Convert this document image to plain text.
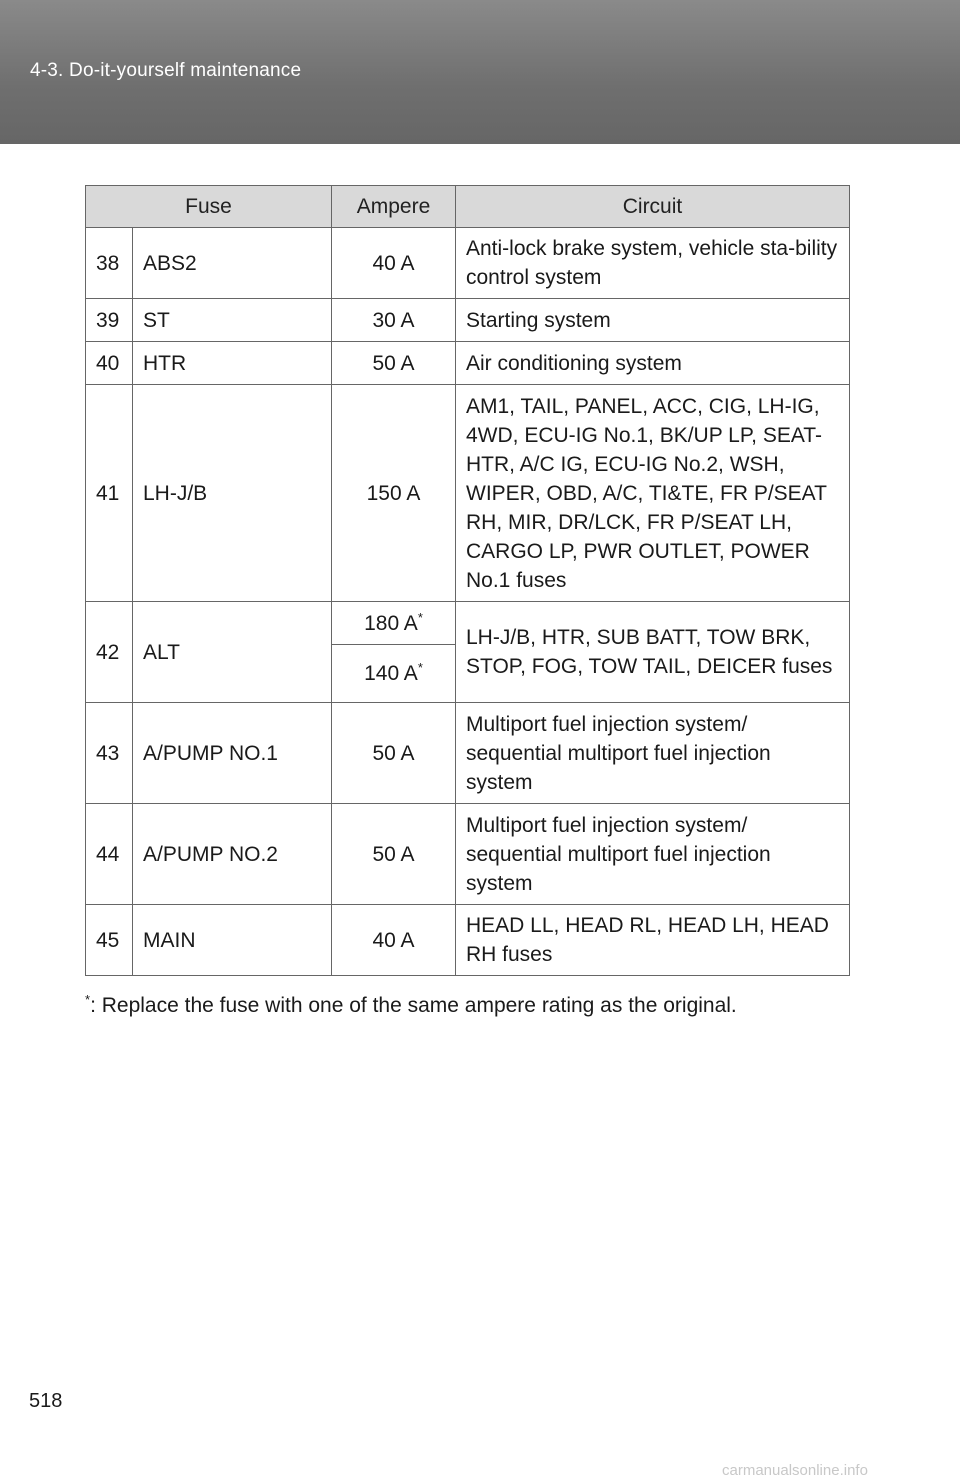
4-3. Do-it-yourself maintenance
Fuse		Ampere	Circuit
38	ABS2	40 A	Anti-lock brake system, vehicle sta-bility control system
39	ST	30 A	Starting system
40	HTR	50 A	Air conditioning system
41	LH-J/B	150 A	AM1, TAIL, PANEL, ACC, CIG, LH-IG, 4WD, ECU-IG No.1, BK/UP LP, SEAT-HTR, A/C IG, ECU-IG No.2, WSH, WIPER, OBD, A/C, TI&TE, FR P/SEAT RH, MIR, DR/LCK, FR P/SEAT LH, CARGO LP, PWR OUTLET, POWER No.1 fuses
42	ALT	180 A*	LH-J/B, HTR, SUB BATT, TOW BRK, STOP, FOG, TOW TAIL, DEICER fuses
		140 A*
43	A/PUMP NO.1	50 A	Multiport fuel injection system/ sequential multiport fuel injection system
44	A/PUMP NO.2	50 A	Multiport fuel injection system/ sequential multiport fuel injection system
45	MAIN	40 A	HEAD LL, HEAD RL, HEAD LH, HEAD RH fuses
*: Replace the fuse with one of the same ampere rating as the original.
518
carmanualsonline.info
